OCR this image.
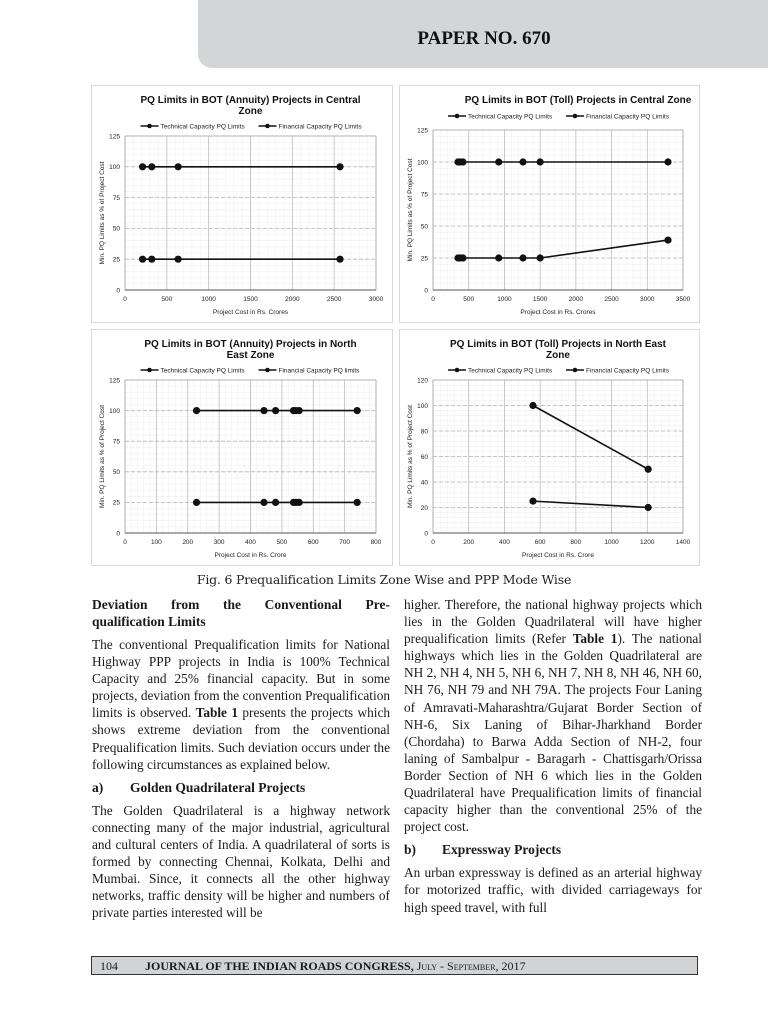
PAPER NO. 670
PQ Limits in BOT (Annuity) Projects in Central
Zone
Technical Capacity PQ Limits	Financial Capacity PQ Limits
0	500	1000	1500	2000	2500	3000
0
25
50
75
100
125
Project Cost in Rs. Crores
Min. PQ Limits as % of Project Cost
PQ Limits in BOT (Toll) Projects in Central Zone
Technical Capacity PQ Limits	Financial Capacity PQ Limits
0	500	1000	1500	2000	2500	3000	3500
0
25
50
75
100
125
Project Cost in Rs. Crores
Min. PQ Limits as % of Project Cost
PQ Limits in BOT (Annuity) Projects in North
East Zone
Technical Capacity PQ Limits	Financial Capacity PQ limits
0	100	200	300	400	500	600	700	800
0
25
50
75
100
125
Project Cost in Rs. Crore
Min. PQ Limits as % of Project Cost
PQ Limits in BOT (Toll) Projects in North East
Zone
Technical Capacity PQ Limits	Financial Capacity PQ Limits
0	200	400	600	800	1000	1200	1400
0
20
40
60
80
100
120
Project Cost in Rs. Crore
Min. PQ Limits as % of Project Cost
Fig. 6 Prequalification Limits Zone Wise and PPP Mode Wise
Deviation from the Conventional Pre-
qualification Limits

The conventional Prequalification limits for National Highway PPP projects in India is 100% Technical Capacity and 25% financial capacity. But in some projects, deviation from the convention Prequalification limits is observed. Table 1 presents the projects which shows extreme deviation from the conventional Prequalification limits. Such deviation occurs under the following circumstances as explained below.

a) Golden Quadrilateral Projects

The Golden Quadrilateral is a highway network connecting many of the major industrial, agricultural and cultural centers of India. A quadrilateral of sorts is formed by connecting Chennai, Kolkata, Delhi and Mumbai. Since, it connects all the other highway networks, traffic density will be higher and numbers of private parties interested will be

higher. Therefore, the national highway projects which lies in the Golden Quadrilateral will have higher prequalification limits (Refer Table 1). The national highways which lies in the Golden Quadrilateral are NH 2, NH 4, NH 5, NH 6, NH 7, NH 8, NH 46, NH 60, NH 76, NH 79 and NH 79A. The projects Four Laning of Amravati-Maharashtra/Gujarat Border Section of NH-6, Six Laning of Bihar-Jharkhand Border (Chordaha) to Barwa Adda Section of NH-2, four laning of Sambalpur - Baragarh - Chattisgarh/Orissa Border Section of NH 6 which lies in the Golden Quadrilateral have Prequalification limits of financial capacity higher than the conventional 25% of the project cost.

b) Expressway Projects

An urban expressway is defined as an arterial highway for motorized traffic, with divided carriageways for high speed travel, with full

104 JOURNAL OF THE INDIAN ROADS CONGRESS, July - September, 2017
